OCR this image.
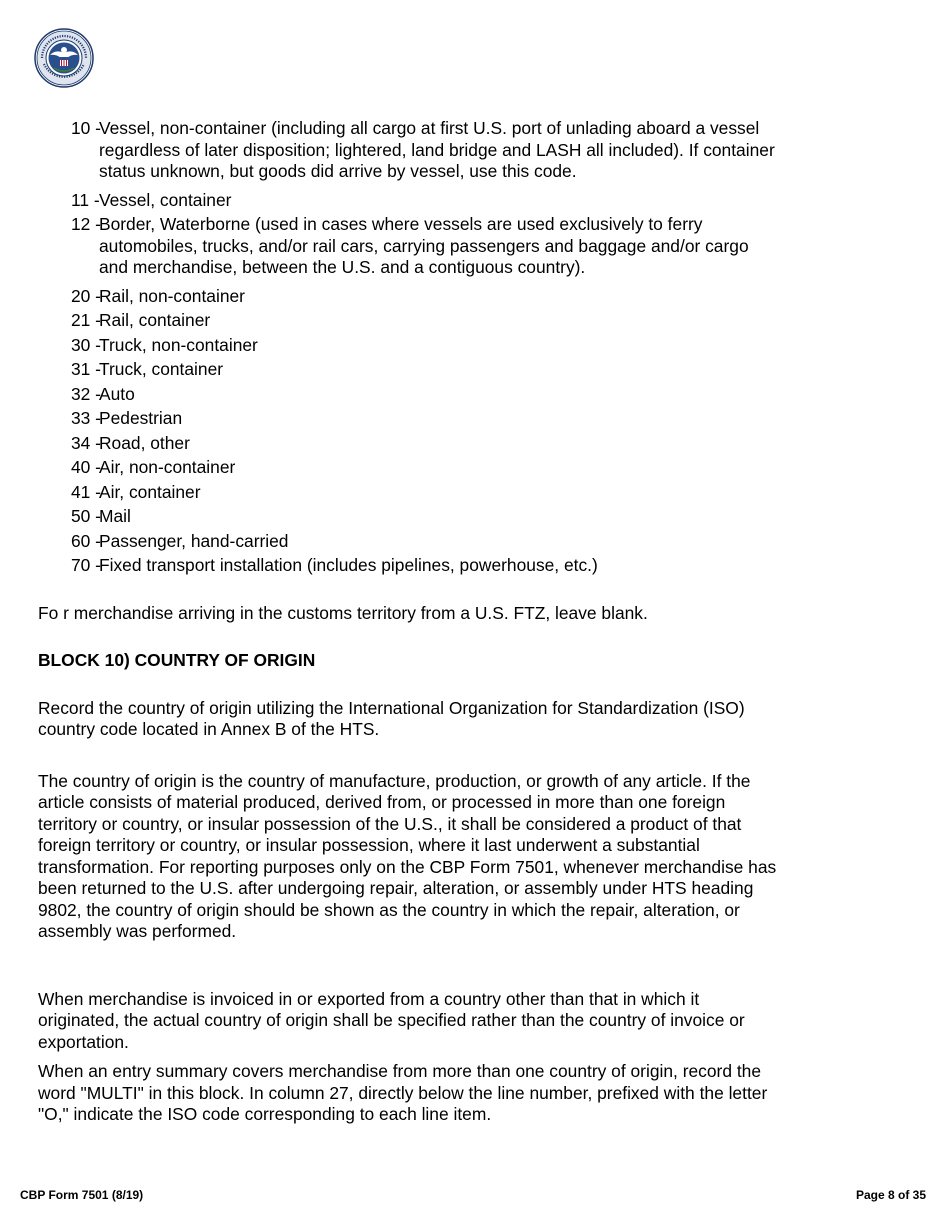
10 -
Vessel, non-container (including all cargo at first U.S. port of unlading aboard a vessel regardless of later disposition; lightered, land bridge and LASH all included). If container status unknown, but goods did arrive by vessel, use this code.
11 - Vessel, container
12 -
Border, Waterborne (used in cases where vessels are used exclusively to ferry automobiles, trucks, and/or rail cars, carrying passengers and baggage and/or cargo and merchandise, between the U.S. and a contiguous country).
20 -
Rail, non-container
21 -
Rail, container
30 -
Truck, non-container
31 -
Truck, container
32 -
Auto
33 -
Pedestrian
34 -
Road, other
40 -
Air, non-container
41 -
Air, container
50 -
Mail
60 -
Passenger, hand-carried
70 -
Fixed transport installation (includes pipelines, powerhouse, etc.)

Fo r merchandise arriving in the customs territory from a U.S. FTZ, leave blank.

BLOCK 10) COUNTRY OF ORIGIN

Record the country of origin utilizing the International Organization for Standardization (ISO) country code located in Annex B of the HTS.

The country of origin is the country of manufacture, production, or growth of any article. If the article consists of material produced, derived from, or processed in more than one foreign territory or country, or insular possession of the U.S., it shall be considered a product of that foreign territory or country, or insular possession, where it last underwent a substantial transformation. For reporting purposes only on the CBP Form 7501, whenever merchandise has been returned to the U.S. after undergoing repair, alteration, or assembly under HTS heading 9802, the country of origin should be shown as the country in which the repair, alteration, or assembly was performed.

When merchandise is invoiced in or exported from a country other than that in which it originated, the actual country of origin shall be specified rather than the country of invoice or exportation.

When an entry summary covers merchandise from more than one country of origin, record the word "MULTI" in this block. In column 27, directly below the line number, prefixed with the letter "O," indicate the ISO code corresponding to each line item.

CBP Form 7501 (8/19)	Page 8 of 35
